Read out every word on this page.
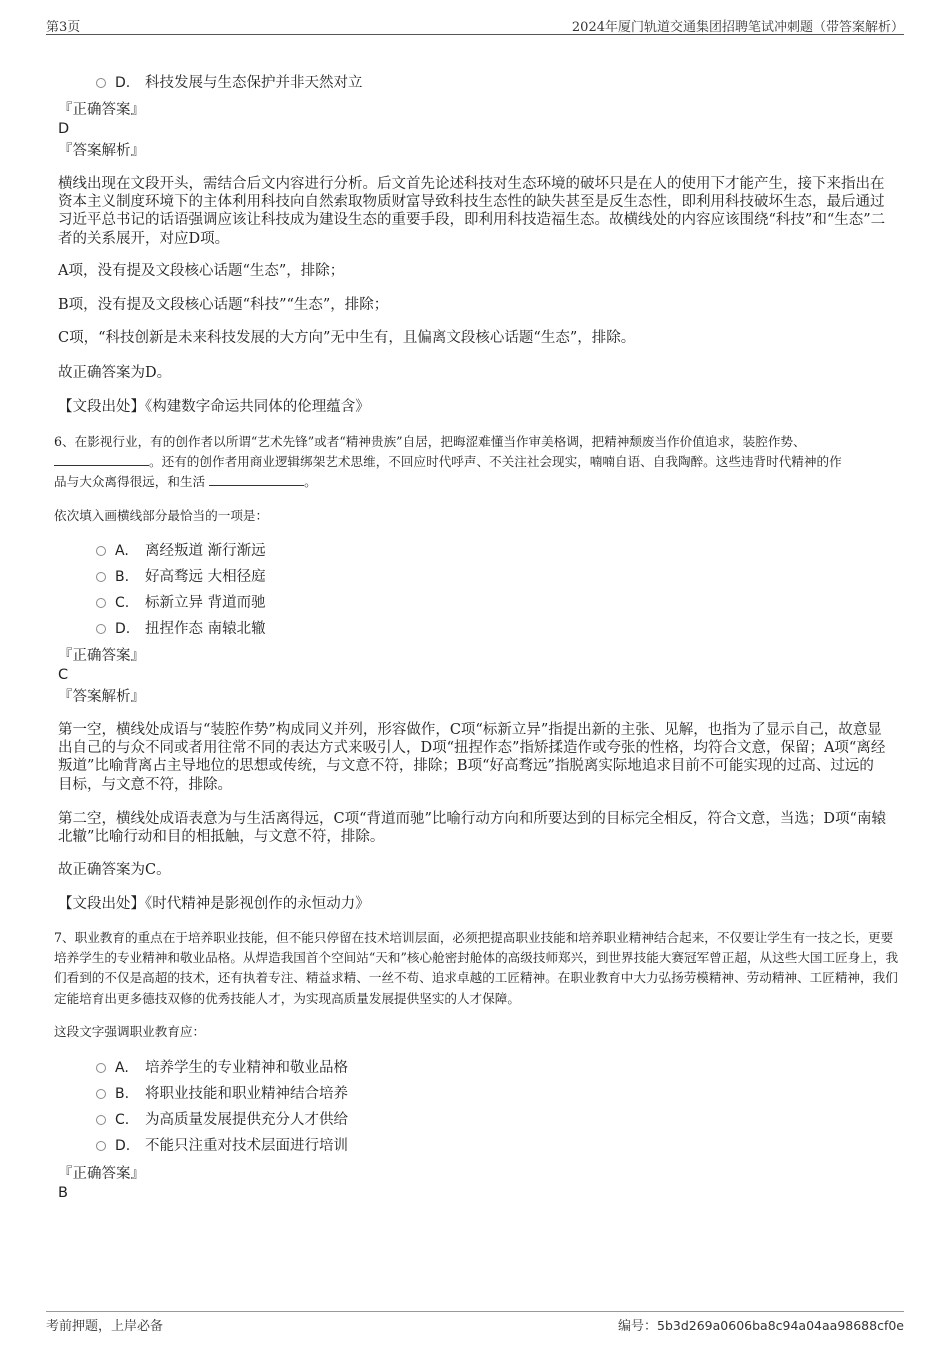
第3页	2024年厦门轨道交通集团招聘笔试冲刺题（带答案解析）
D. 科技发展与生态保护并非天然对立
『正确答案』
D
『答案解析』
横线出现在文段开头，需结合后文内容进行分析。后文首先论述科技对生态环境的破坏只是在人的使用下才能产生，接下来指出在资本主义制度环境下的主体利用科技向自然索取物质财富导致科技生态性的缺失甚至是反生态性，即利用科技破坏生态，最后通过习近平总书记的话语强调应该让科技成为建设生态的重要手段，即利用科技造福生态。故横线处的内容应该围绕“科技”和“生态”二者的关系展开，对应D项。
A项，没有提及文段核心话题“生态”，排除；
B项，没有提及文段核心话题“科技”“生态”，排除；
C项，“科技创新是未来科技发展的大方向”无中生有，且偏离文段核心话题“生态”，排除。
故正确答案为D。
【文段出处】《构建数字命运共同体的伦理蕴含》
6、在影视行业，有的创作者以所谓“艺术先锋”或者“精神贵族”自居，把晦涩难懂当作审美格调，把精神颓废当作价值追求，装腔作势、
。还有的创作者用商业逻辑绑架艺术思维，不回应时代呼声、不关注社会现实，喃喃自语、自我陶醉。这些违背时代精神的作
品与大众离得很远，和生活	。
依次填入画横线部分最恰当的一项是：
A. 离经叛道 渐行渐远
B. 好高骛远 大相径庭
C. 标新立异 背道而驰
D. 扭捏作态 南辕北辙
『正确答案』
C
『答案解析』
第一空，横线处成语与“装腔作势”构成同义并列，形容做作，C项“标新立异”指提出新的主张、见解，也指为了显示自己，故意显出自己的与众不同或者用往常不同的表达方式来吸引人，D项“扭捏作态”指矫揉造作或夸张的性格，均符合文意，保留；A项“离经叛道”比喻背离占主导地位的思想或传统，与文意不符，排除；B项“好高骛远”指脱离实际地追求目前不可能实现的过高、过远的目标，与文意不符，排除。
第二空，横线处成语表意为与生活离得远，C项“背道而驰”比喻行动方向和所要达到的目标完全相反，符合文意，当选；D项“南辕北辙”比喻行动和目的相抵触，与文意不符，排除。
故正确答案为C。
【文段出处】《时代精神是影视创作的永恒动力》
7、职业教育的重点在于培养职业技能，但不能只停留在技术培训层面，必须把提高职业技能和培养职业精神结合起来，不仅要让学生有一技之长，更要培养学生的专业精神和敬业品格。从焊造我国首个空间站“天和”核心舱密封舱体的高级技师郑兴，到世界技能大赛冠军曾正超，从这些大国工匠身上，我们看到的不仅是高超的技术，还有执着专注、精益求精、一丝不苟、追求卓越的工匠精神。在职业教育中大力弘扬劳模精神、劳动精神、工匠精神，我们定能培育出更多德技双修的优秀技能人才，为实现高质量发展提供坚实的人才保障。
这段文字强调职业教育应：
A. 培养学生的专业精神和敬业品格
B. 将职业技能和职业精神结合培养
C. 为高质量发展提供充分人才供给
D. 不能只注重对技术层面进行培训
『正确答案』
B
考前押题，上岸必备	编号：5b3d269a0606ba8c94a04aa98688cf0e
